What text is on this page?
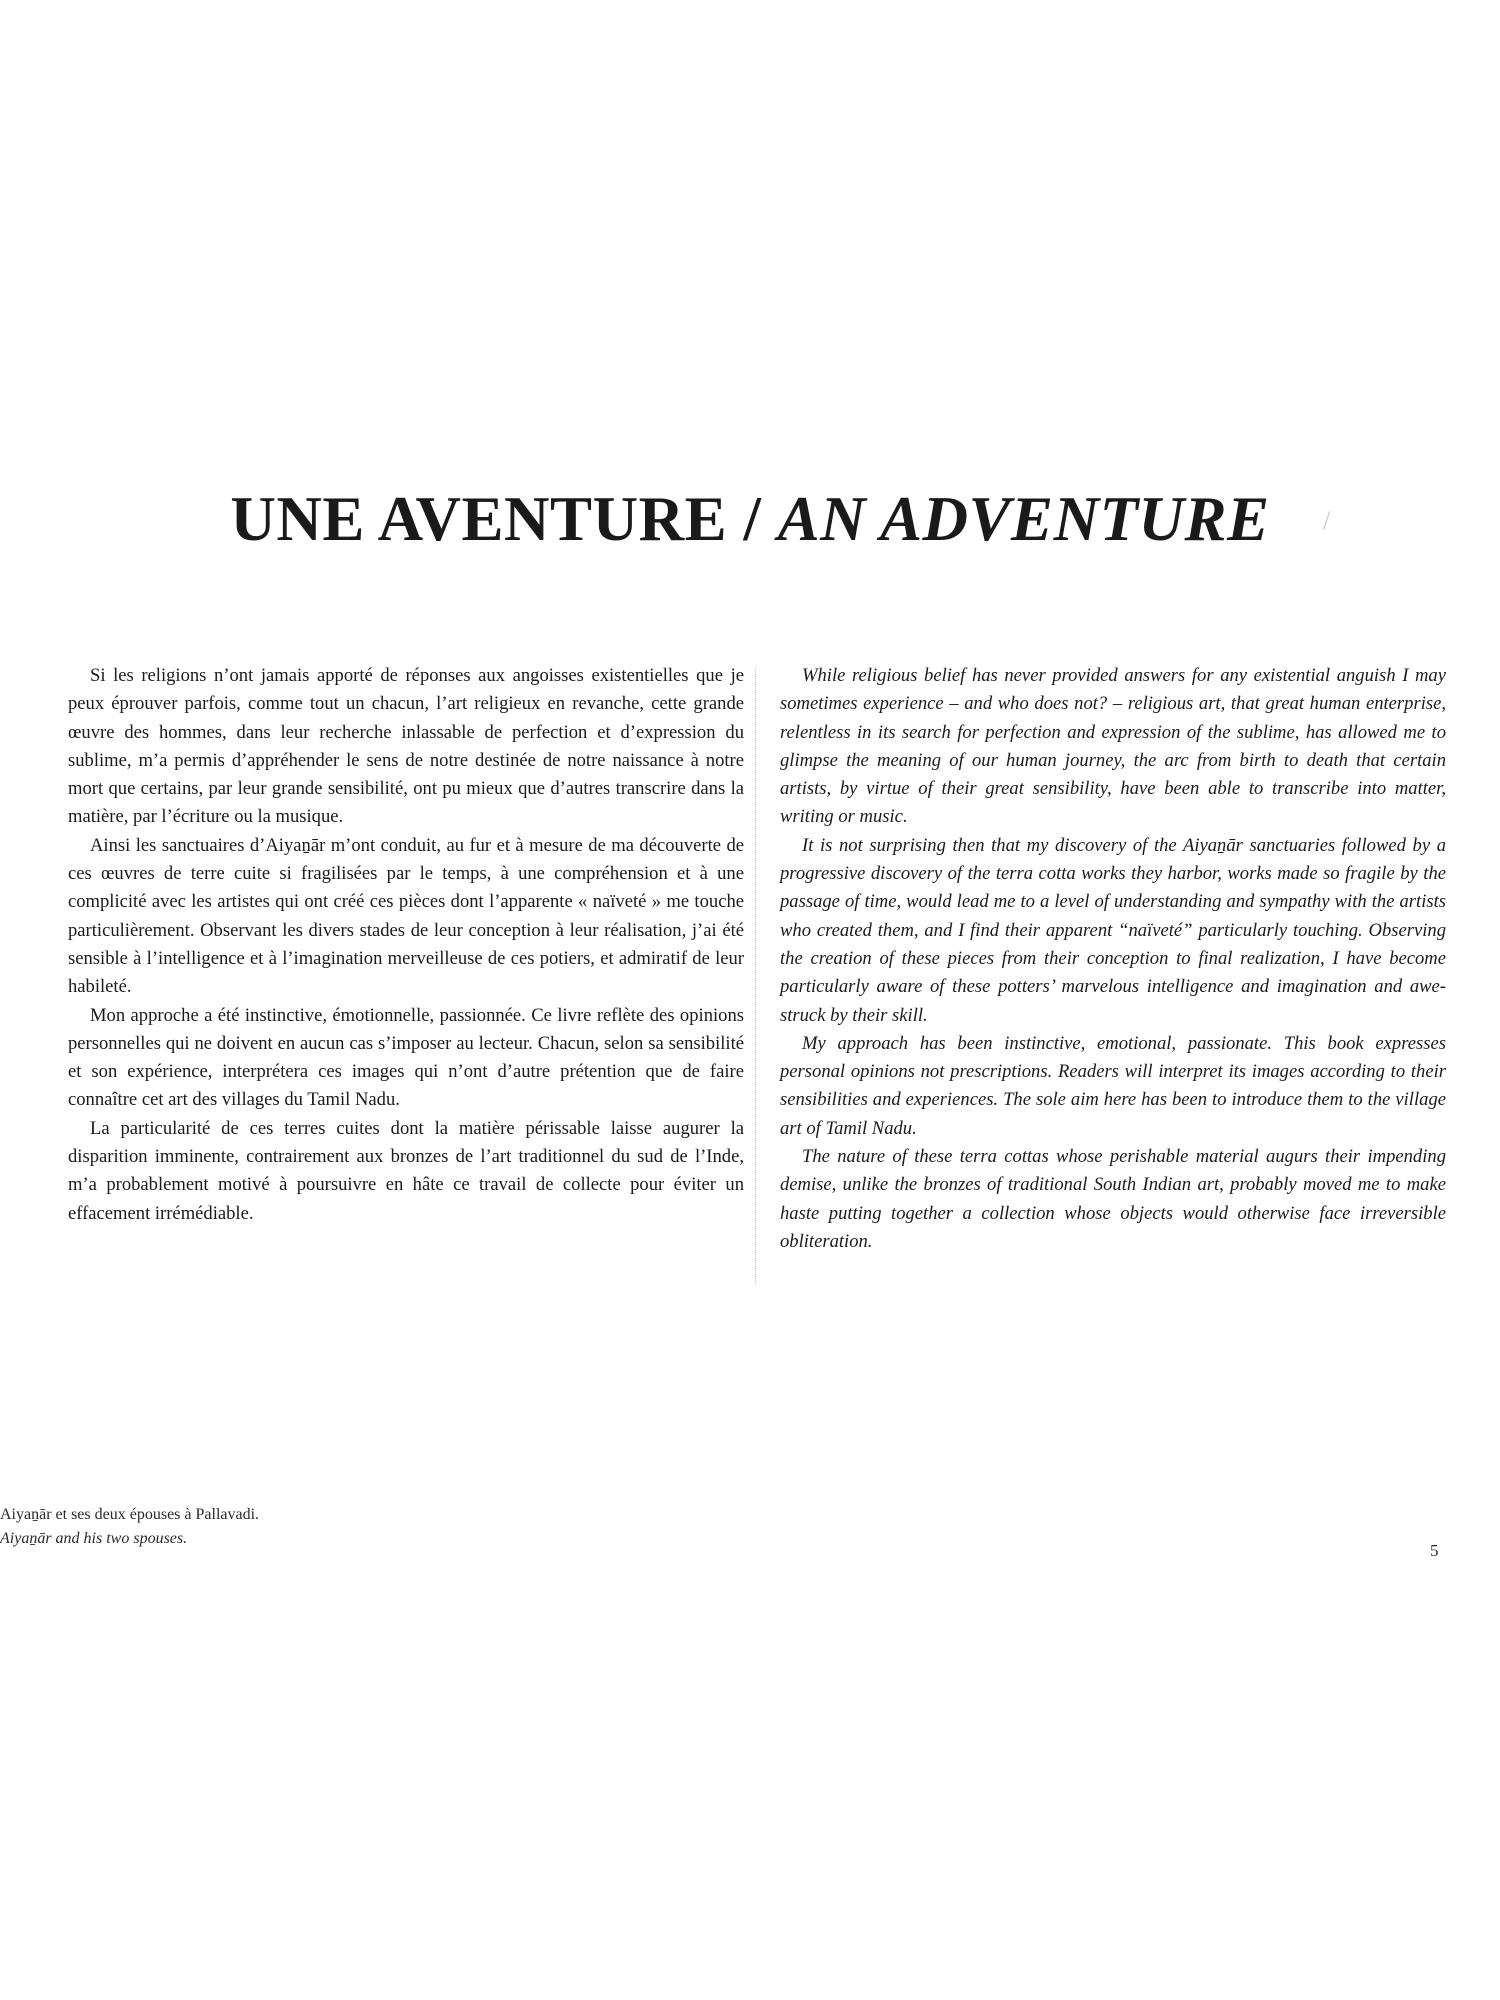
UNE AVENTURE / AN ADVENTURE	/

Si les religions n’ont jamais apporté de réponses aux angoisses existentielles que je peux éprouver parfois, comme tout un chacun, l’art religieux en revanche, cette grande œuvre des hommes, dans leur recherche inlassable de perfection et d’expression du sublime, m’a permis d’appréhender le sens de notre destinée de notre naissance à notre mort que certains, par leur grande sensibilité, ont pu mieux que d’autres transcrire dans la matière, par l’écriture ou la musique.

Ainsi les sanctuaires d’Aiyaṉār m’ont conduit, au fur et à mesure de ma découverte de ces œuvres de terre cuite si fragilisées par le temps, à une compréhension et à une complicité avec les artistes qui ont créé ces pièces dont l’apparente « naïveté » me touche particulièrement. Observant les divers stades de leur conception à leur réalisation, j’ai été sensible à l’intelligence et à l’imagination merveilleuse de ces potiers, et admiratif de leur habileté.

Mon approche a été instinctive, émotionnelle, passionnée. Ce livre reflète des opinions personnelles qui ne doivent en aucun cas s’imposer au lecteur. Chacun, selon sa sensibilité et son expérience, interprétera ces images qui n’ont d’autre prétention que de faire connaître cet art des villages du Tamil Nadu.

La particularité de ces terres cuites dont la matière périssable laisse augurer la disparition imminente, contrairement aux bronzes de l’art traditionnel du sud de l’Inde, m’a probablement motivé à poursuivre en hâte ce travail de collecte pour éviter un effacement irrémédiable.

While religious belief has never provided answers for any existential anguish I may sometimes experience – and who does not? – religious art, that great human enterprise, relentless in its search for perfection and expression of the sublime, has allowed me to glimpse the meaning of our human journey, the arc from birth to death that certain artists, by virtue of their great sensibility, have been able to transcribe into matter, writing or music.

It is not surprising then that my discovery of the Aiyaṉār sanctuaries followed by a progressive discovery of the terra cotta works they harbor, works made so fragile by the passage of time, would lead me to a level of understanding and sympathy with the artists who created them, and I find their apparent “naïveté” particularly touching. Observing the creation of these pieces from their conception to final realization, I have become particularly aware of these potters’ marvelous intelligence and imagination and awe-struck by their skill.

My approach has been instinctive, emotional, passionate. This book expresses personal opinions not prescriptions. Readers will interpret its images according to their sensibilities and experiences. The sole aim here has been to introduce them to the village art of Tamil Nadu.

The nature of these terra cottas whose perishable material augurs their impending demise, unlike the bronzes of traditional South Indian art, probably moved me to make haste putting together a collection whose objects would otherwise face irreversible obliteration.

Aiyaṉār et ses deux épouses à Pallavadi.
Aiyaṉār and his two spouses.
5
